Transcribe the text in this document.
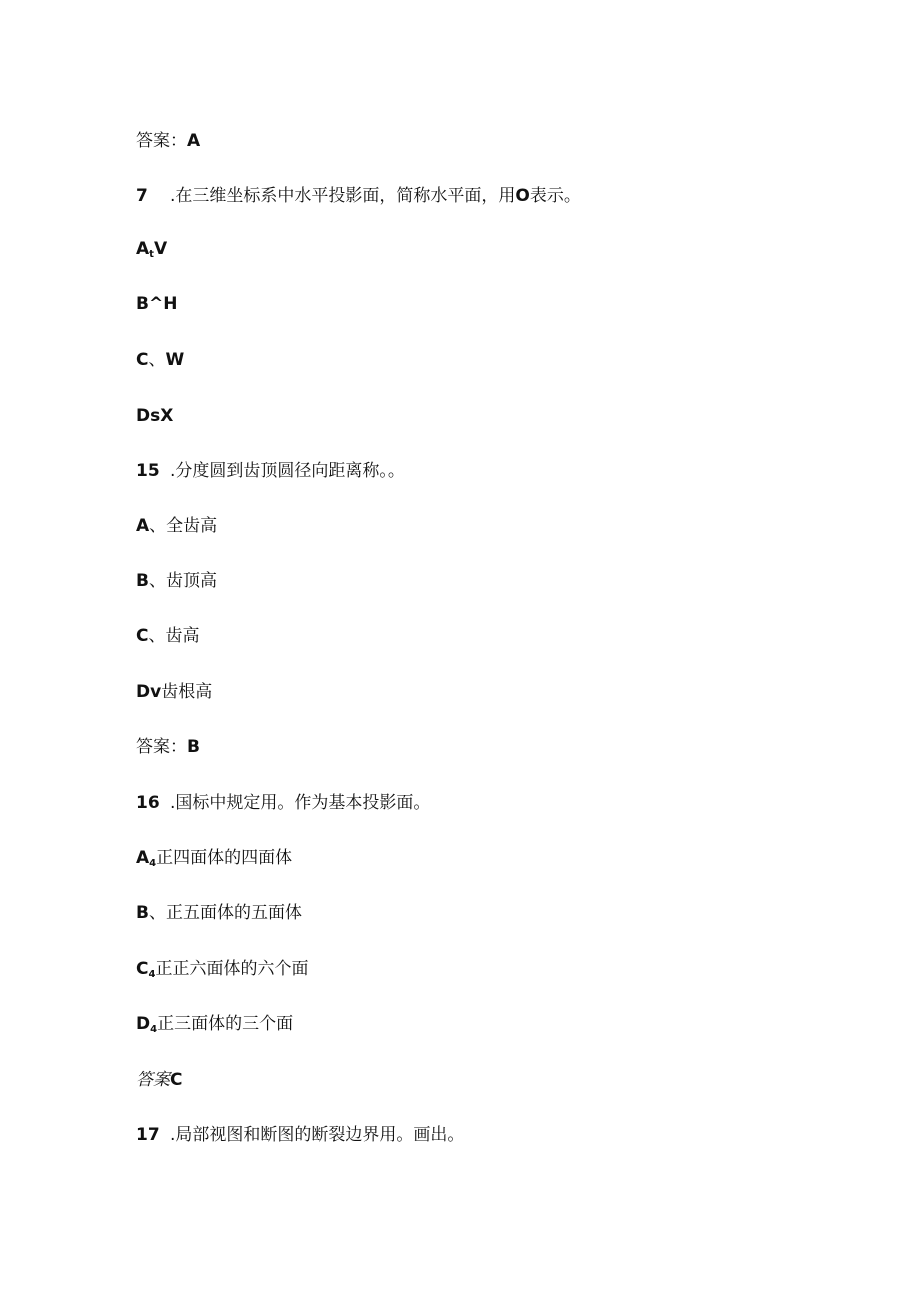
答案：A
7 .在三维坐标系中水平投影面，简称水平面，用O表示。
$A_tV$
B^H
C、W
DsX
15 .分度圆到齿顶圆径向距离称。。
A、全齿高
B、齿顶高
C、齿高
Dv齿根高
答案：B
16 .国标中规定用。作为基本投影面。
$A_4$正四面体的四面体
B、正五面体的五面体
$C_4$正正六面体的六个面
$D_4$正三面体的三个面
答案C
17 .局部视图和断图的断裂边界用。画出。
